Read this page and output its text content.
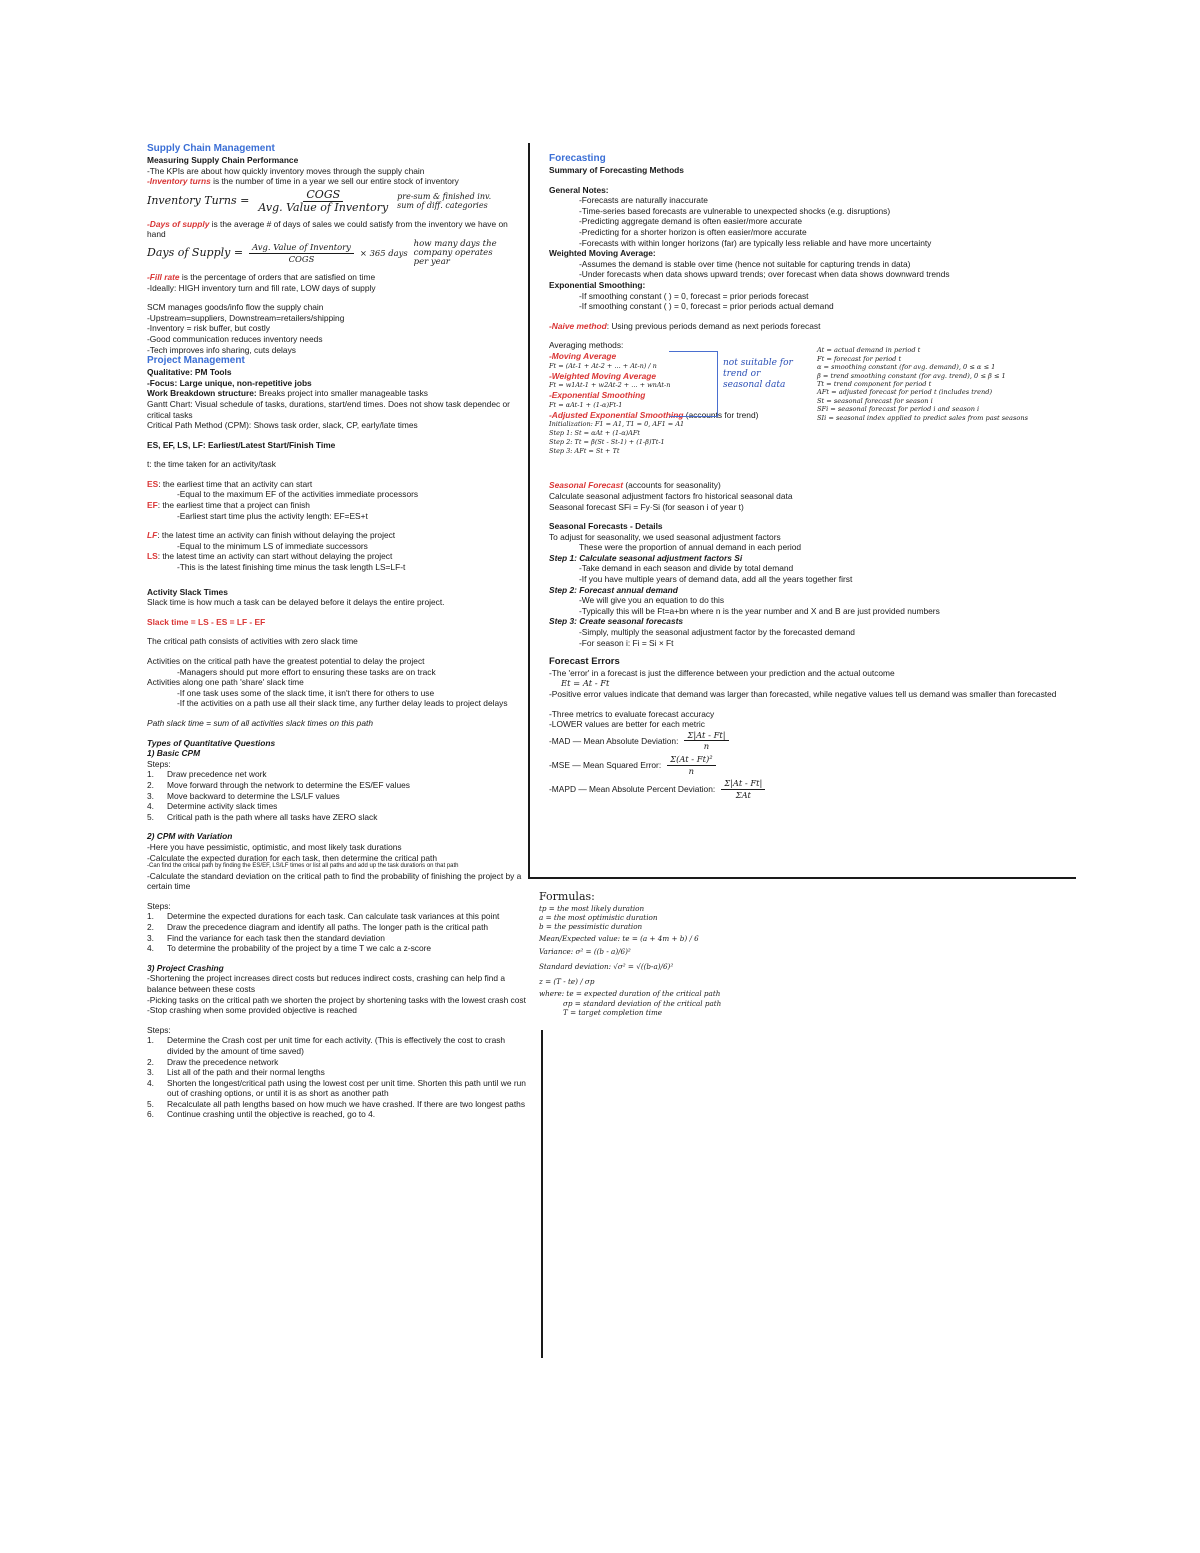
Supply Chain Management
Measuring Supply Chain Performance
-The KPIs are about how quickly inventory moves through the supply chain
-Inventory turns is the number of time in a year we sell our entire stock of inventory
Inventory Turns = $\frac{\text{COGS}}{\text{Avg. Value of Inventory}} pre-sum$ & finished inv.
sum of diff. categories
-Days of supply is the average # of days of sales we could satisfy from the inventory we have on hand
Days of Supply = $\frac{\text{Avg. Value of Inventory}}{\text{COGS}} \times 365$ days
how many days the company operates per year
-Fill rate is the percentage of orders that are satisfied on time
-Ideally: HIGH inventory turn and fill rate, LOW days of supply
SCM manages goods/info flow the supply chain
-Upstream=suppliers, Downstream=retailers/shipping
-Inventory = risk buffer, but costly
-Good communication reduces inventory needs
-Tech improves info sharing, cuts delays
Project Management
Qualitative: PM Tools
-Focus: Large unique, non-repetitive jobs
Work Breakdown structure: Breaks project into smaller manageable tasks
Gantt Chart: Visual schedule of tasks, durations, start/end times. Does not show task dependec or critical tasks
Critical Path Method (CPM): Shows task order, slack, CP, early/late times
ES, EF, LS, LF: Earliest/Latest Start/Finish Time
t: the time taken for an activity/task
ES: the earliest time that an activity can start
-Equal to the maximum EF of the activities immediate processors
EF: the earliest time that a project can finish
-Earliest start time plus the activity length: EF=ES+t
LF: the latest time an activity can finish without delaying the project
-Equal to the minimum LS of immediate successors
LS: the latest time an activity can start without delaying the project
-This is the latest finishing time minus the task length LS=LF-t
Activity Slack Times
Slack time is how much a task can be delayed before it delays the entire project.
Slack time = LS - ES = LF - EF
The critical path consists of activities with zero slack time
Activities on the critical path have the greatest potential to delay the project
-Managers should put more effort to ensuring these tasks are on track
Activities along one path 'share' slack time
-If one task uses some of the slack time, it isn't there for others to use
-If the activities on a path use all their slack time, any further delay leads to project delays
Path slack time = sum of all activities slack times on this path
Types of Quantitative Questions
1) Basic CPM
Steps:
1.	Draw precedence net work
2.	Move forward through the network to determine the ES/EF values
3.	Move backward to determine the LS/LF values
4.	Determine activity slack times
5.	Critical path is the path where all tasks have ZERO slack
2) CPM with Variation
-Here you have pessimistic, optimistic, and most likely task durations
-Calculate the expected duration for each task, then determine the critical path
-Can find the critical path by finding the ES/EF, LS/LF times or list all paths and add up the task durations on that path
-Calculate the standard deviation on the critical path to find the probability of finishing the project by a certain time
Steps:
1.	Determine the expected durations for each task. Can calculate task variances at this point
2.	Draw the precedence diagram and identify all paths. The longer path is the critical path
3.	Find the variance for each task then the standard deviation
4.	To determine the probability of the project by a time T we calc a z-score
3) Project Crashing
-Shortening the project increases direct costs but reduces indirect costs, crashing can help find a balance between these costs
-Picking tasks on the critical path we shorten the project by shortening tasks with the lowest crash cost
-Stop crashing when some provided objective is reached
Steps:
1.	Determine the Crash cost per unit time for each activity. (This is effectively the cost to crash divided by the amount of time saved)
2.	Draw the precedence network
3.	List all of the path and their normal lengths
4.	Shorten the longest/critical path using the lowest cost per unit time. Shorten this path until we run out of crashing options, or until it is as short as another path
5.	Recalculate all path lengths based on how much we have crashed. If there are two longest paths
6.	Continue crashing until the objective is reached, go to 4.
Forecasting
Summary of Forecasting Methods
General Notes:
-Forecasts are naturally inaccurate
-Time-series based forecasts are vulnerable to unexpected shocks (e.g. disruptions)
-Predicting aggregate demand is often easier/more accurate
-Predicting for a shorter horizon is often easier/more accurate
-Forecasts with within longer horizons (far) are typically less reliable and have more uncertainty
Weighted Moving Average:
-Assumes the demand is stable over time (hence not suitable for capturing trends in data)
-Under forecasts when data shows upward trends; over forecast when data shows downward trends
Exponential Smoothing:
-If smoothing constant ( ) = 0, forecast = prior periods forecast
-If smoothing constant ( ) = 0, forecast = prior periods actual demand
-Naive method: Using previous periods demand as next periods forecast
Averaging methods:
-Moving Average
Ft = (At-1 + At-2 + ... + At-n) / n
-Weighted Moving Average
Ft = w1At-1 + w2At-2 + ... + wnAt-n
-Exponential Smoothing
Ft = αAt-1 + (1-α)Ft-1
-Adjusted Exponential Smoothing (accounts for trend)
Initialization: F1 = A1, T1 = 0, AF1 = A1
Step 1: St = αAt + (1-α)AFt
Step 2: Tt = β(St - St-1) + (1-β)Tt-1
Step 3: AFt = St + Tt
not suitable for trend or seasonal data
At = actual demand in period t
Ft = forecast for period t
α = smoothing constant (for avg. demand), 0 ≤ α ≤ 1
β = trend smoothing constant (for avg. trend), 0 ≤ β ≤ 1
Tt = trend component for period t
AFt = adjusted forecast for period t (includes trend)
St = seasonal forecast for season i
SFi = seasonal forecast for period i and season i
SIi = seasonal index applied to predict sales from past seasons
Seasonal Forecast (accounts for seasonality)
Calculate seasonal adjustment factors fro historical seasonal data
Seasonal forecast SFi = Fy·Si (for season i of year t)
Seasonal Forecasts - Details
To adjust for seasonality, we used seasonal adjustment factors
These were the proportion of annual demand in each period
Step 1: Calculate seasonal adjustment factors Si
-Take demand in each season and divide by total demand
-If you have multiple years of demand data, add all the years together first
Step 2: Forecast annual demand
-We will give you an equation to do this
-Typically this will be Ft=a+bn where n is the year number and X and B are just provided numbers
Step 3: Create seasonal forecasts
-Simply, multiply the seasonal adjustment factor by the forecasted demand
-For season i: Fi = Si × Ft
Forecast Errors
-The 'error' in a forecast is just the difference between your prediction and the actual outcome
Et = At - Ft
-Positive error values indicate that demand was larger than forecasted, while negative values tell us demand was smaller than forecasted
-Three metrics to evaluate forecast accuracy
-LOWER values are better for each metric
-MAD — Mean Absolute Deviation: $\frac{\Sigma|At - Ft|}{n}$
-MSE — Mean Squared Error: $\frac{\text{Σ(At - Ft)²}}{n}$
-MAPD — Mean Absolute Percent Deviation: $\frac{\Sigma|At - Ft|}{\text{ΣAt}}$
Formulas:
tp = the most likely duration
a = the most optimistic duration
b = the pessimistic duration
Mean/Expected value: te = (a + 4m + b) / 6
Variance: σ² = ((b - a)/6)²
Standard deviation: √σ² = √((b-a)/6)²
z = (T - te) / σp
where: te = expected duration of the critical path
σp = standard deviation of the critical path
T = target completion time
